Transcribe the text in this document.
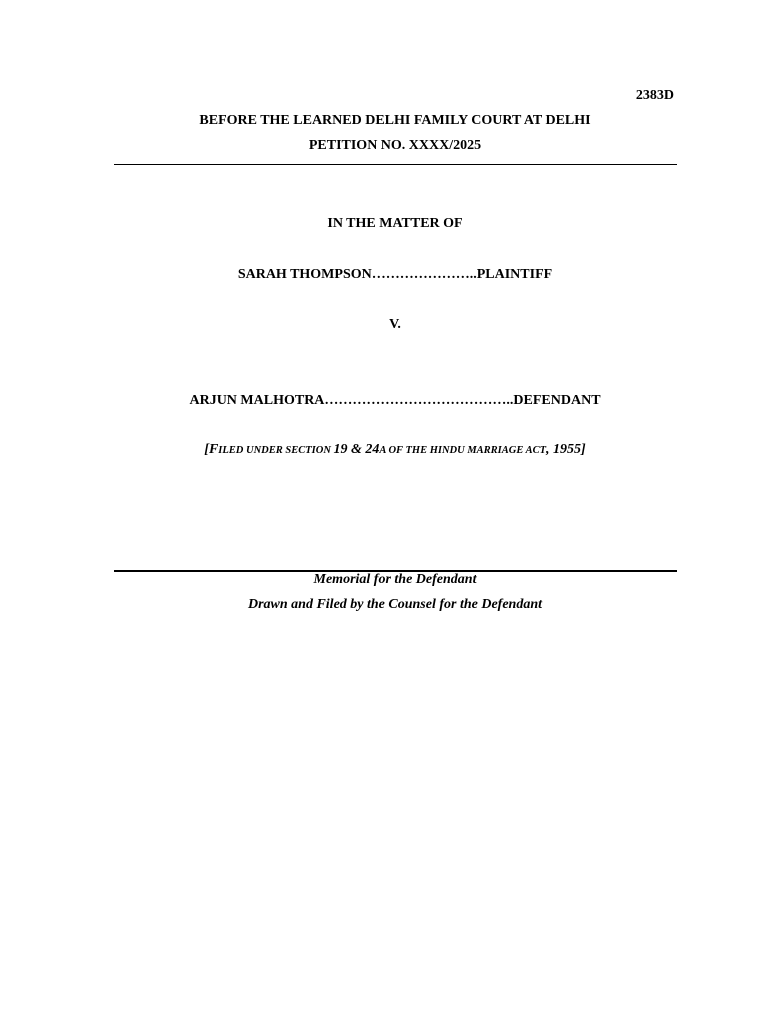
2383D
BEFORE THE LEARNED DELHI FAMILY COURT AT DELHI
PETITION NO. XXXX/2025
IN THE MATTER OF
SARAH THOMPSON…………………..PLAINTIFF
V.
ARJUN MALHOTRA…………………………………..DEFENDANT
[FILED UNDER SECTION 19 & 24A OF THE HINDU MARRIAGE ACT, 1955]
Memorial for the Defendant
Drawn and Filed by the Counsel for the Defendant
